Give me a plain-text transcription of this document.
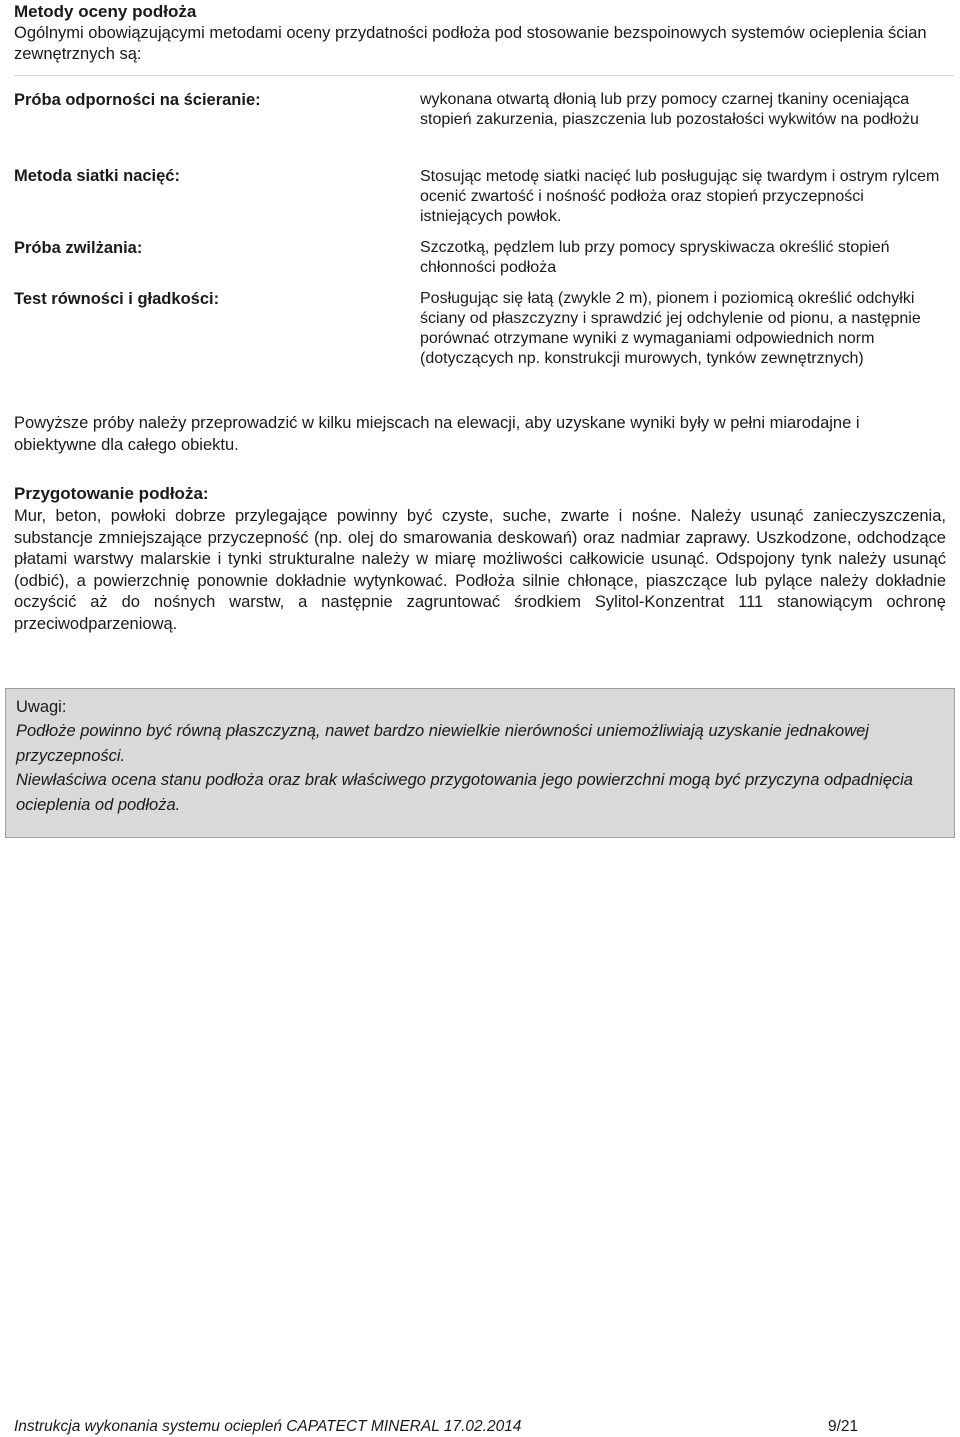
Metody oceny podłoża
Ogólnymi obowiązującymi metodami oceny przydatności podłoża pod stosowanie bezspoinowych systemów ocieplenia ścian zewnętrznych są:
Próba odporności na ścieranie:	wykonana otwartą dłonią lub przy pomocy czarnej tkaniny oceniająca stopień zakurzenia, piaszczenia lub pozostałości wykwitów na podłożu
Metoda siatki nacięć:	Stosując metodę siatki nacięć lub posługując się twardym i ostrym rylcem ocenić zwartość i nośność podłoża oraz stopień przyczepności istniejących powłok.
Próba zwilżania:	Szczotką, pędzlem lub przy pomocy spryskiwacza określić stopień chłonności podłoża
Test równości i gładkości:	Posługując się łatą (zwykle 2 m), pionem i poziomicą określić odchyłki ściany od płaszczyzny i sprawdzić jej odchylenie od pionu, a następnie porównać otrzymane wyniki z wymaganiami odpowiednich norm (dotyczących np. konstrukcji murowych, tynków zewnętrznych)
Powyższe próby należy przeprowadzić w kilku miejscach na elewacji, aby uzyskane wyniki były w pełni miarodajne i obiektywne dla całego obiektu.
Przygotowanie podłoża:
Mur, beton, powłoki dobrze przylegające powinny być czyste, suche, zwarte i nośne. Należy usunąć zanieczyszczenia, substancje zmniejszające przyczepność (np. olej do smarowania deskowań) oraz nadmiar zaprawy. Uszkodzone, odchodzące płatami warstwy malarskie i tynki strukturalne należy w miarę możliwości całkowicie usunąć. Odspojony tynk należy usunąć (odbić), a powierzchnię ponownie dokładnie wytynkować. Podłoża silnie chłonące, piaszczące lub pylące należy dokładnie oczyścić aż do nośnych warstw, a następnie zagruntować środkiem Sylitol-Konzentrat 111 stanowiącym ochronę przeciwodparzeniową.
Uwagi:
Podłoże powinno być równą płaszczyzną, nawet bardzo niewielkie nierówności uniemożliwiają uzyskanie jednakowej przyczepności.
Niewłaściwa ocena stanu podłoża oraz brak właściwego przygotowania jego powierzchni mogą być przyczyna odpadnięcia ocieplenia od podłoża.
Instrukcja wykonania systemu ociepleń CAPATECT MINERAL 17.02.2014	9/21
